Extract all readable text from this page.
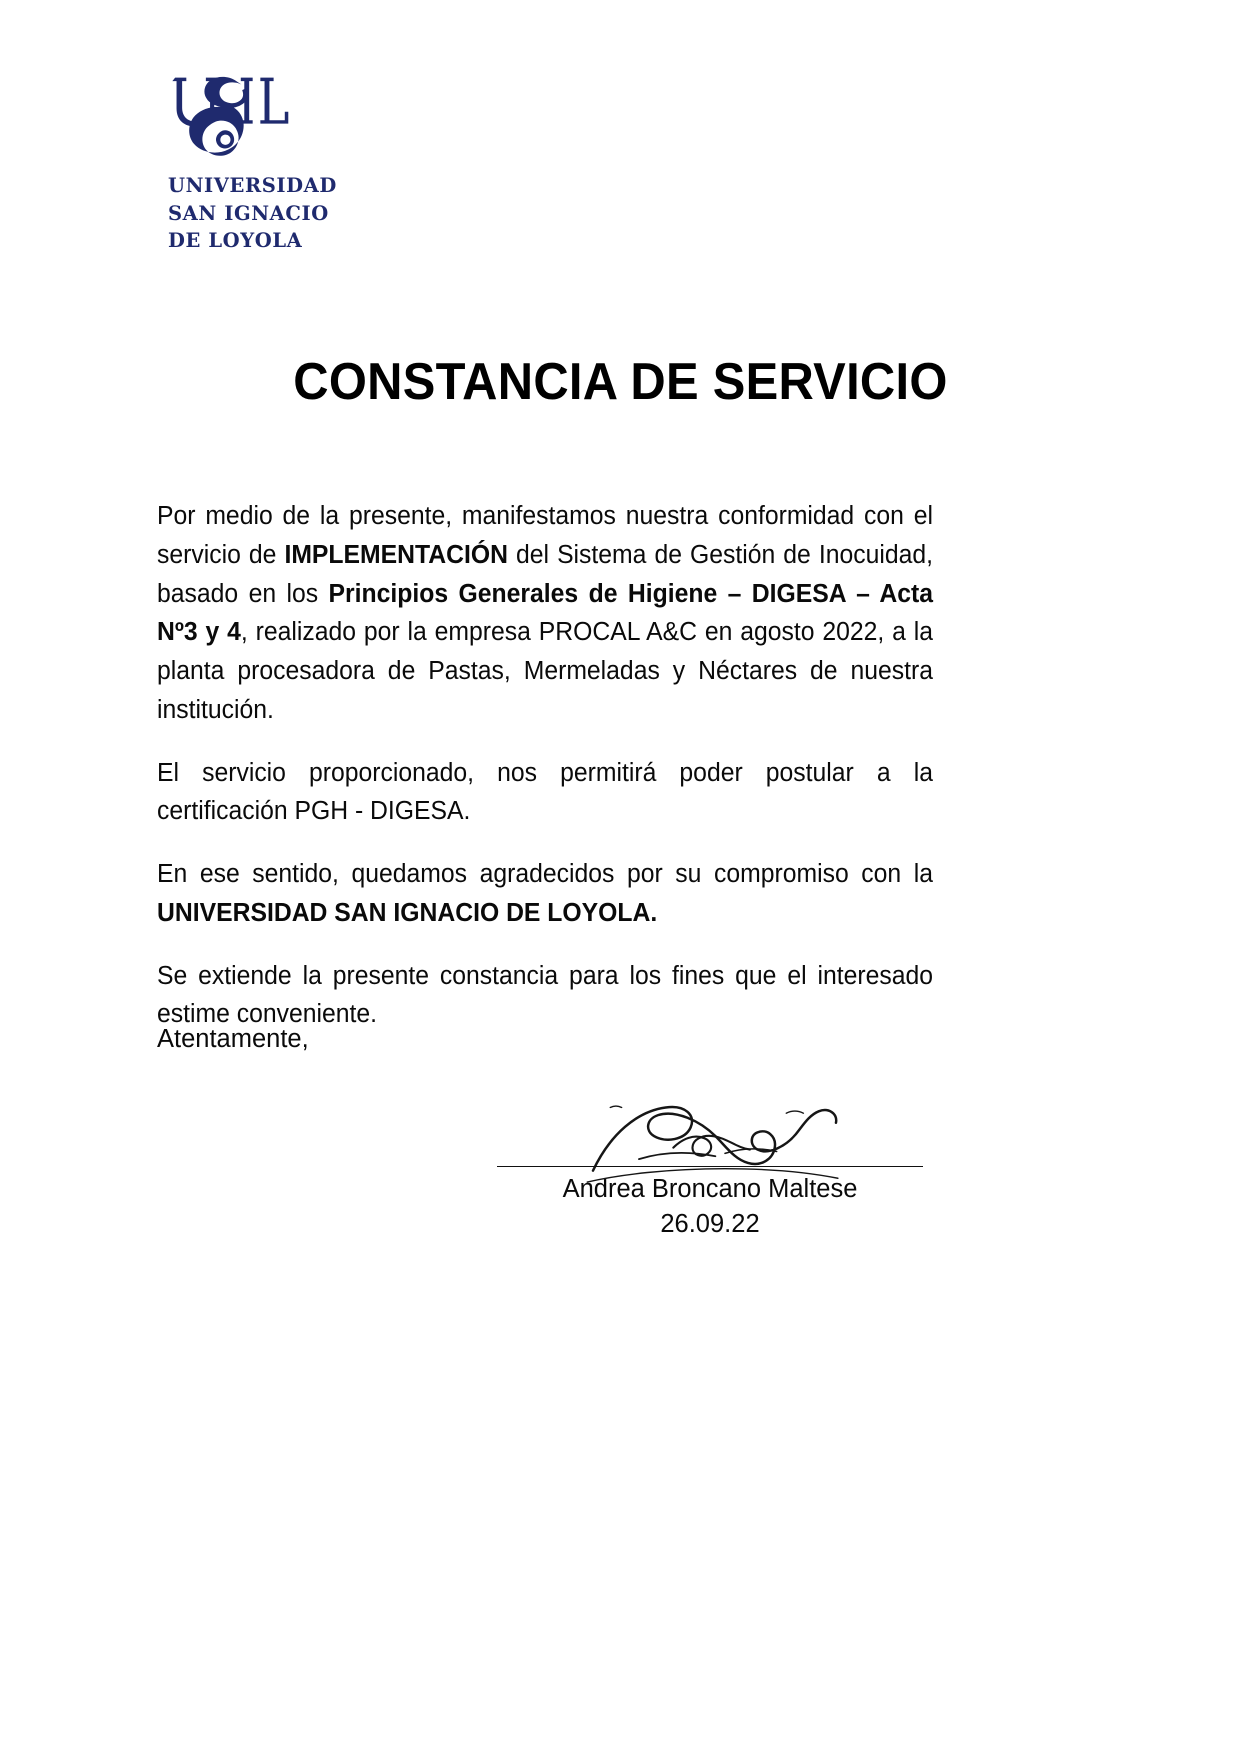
UNIVERSIDAD
SAN IGNACIO
DE LOYOLA
CONSTANCIA DE SERVICIO

Por medio de la presente, manifestamos nuestra conformidad con el servicio de IMPLEMENTACIÓN del Sistema de Gestión de Inocuidad, basado en los Principios Generales de Higiene – DIGESA – Acta Nº3 y 4, realizado por la empresa PROCAL A&C en agosto 2022, a la planta procesadora de Pastas, Mermeladas y Néctares de nuestra institución.

El servicio proporcionado, nos permitirá poder postular a la certificación PGH - DIGESA.

En ese sentido, quedamos agradecidos por su compromiso con la UNIVERSIDAD SAN IGNACIO DE LOYOLA.

Se extiende la presente constancia para los fines que el interesado estime conveniente.

Atentamente,
Andrea Broncano Maltese
26.09.22
